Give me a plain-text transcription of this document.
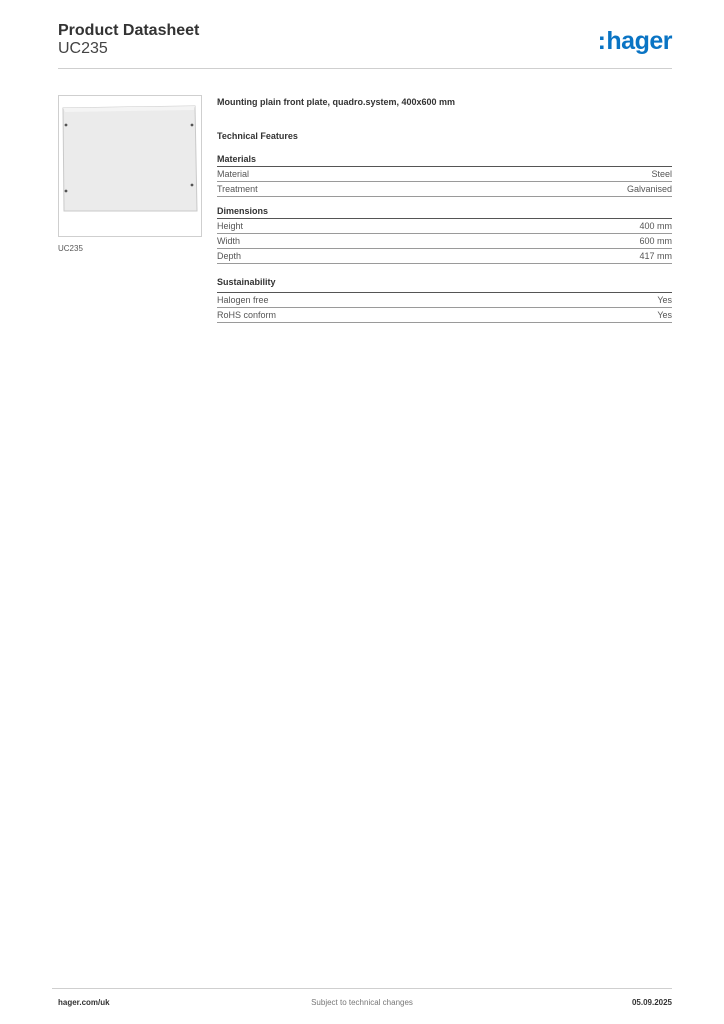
Product Datasheet
UC235	:hager
UC235
Mounting plain front plate, quadro.system, 400x600 mm
Technical Features
Materials
Material	Steel
Treatment	Galvanised
Dimensions
Height	400 mm
Width	600 mm
Depth	417 mm
Sustainability
Halogen free	Yes
RoHS conform	Yes
hager.com/uk	Subject to technical changes	05.09.2025
